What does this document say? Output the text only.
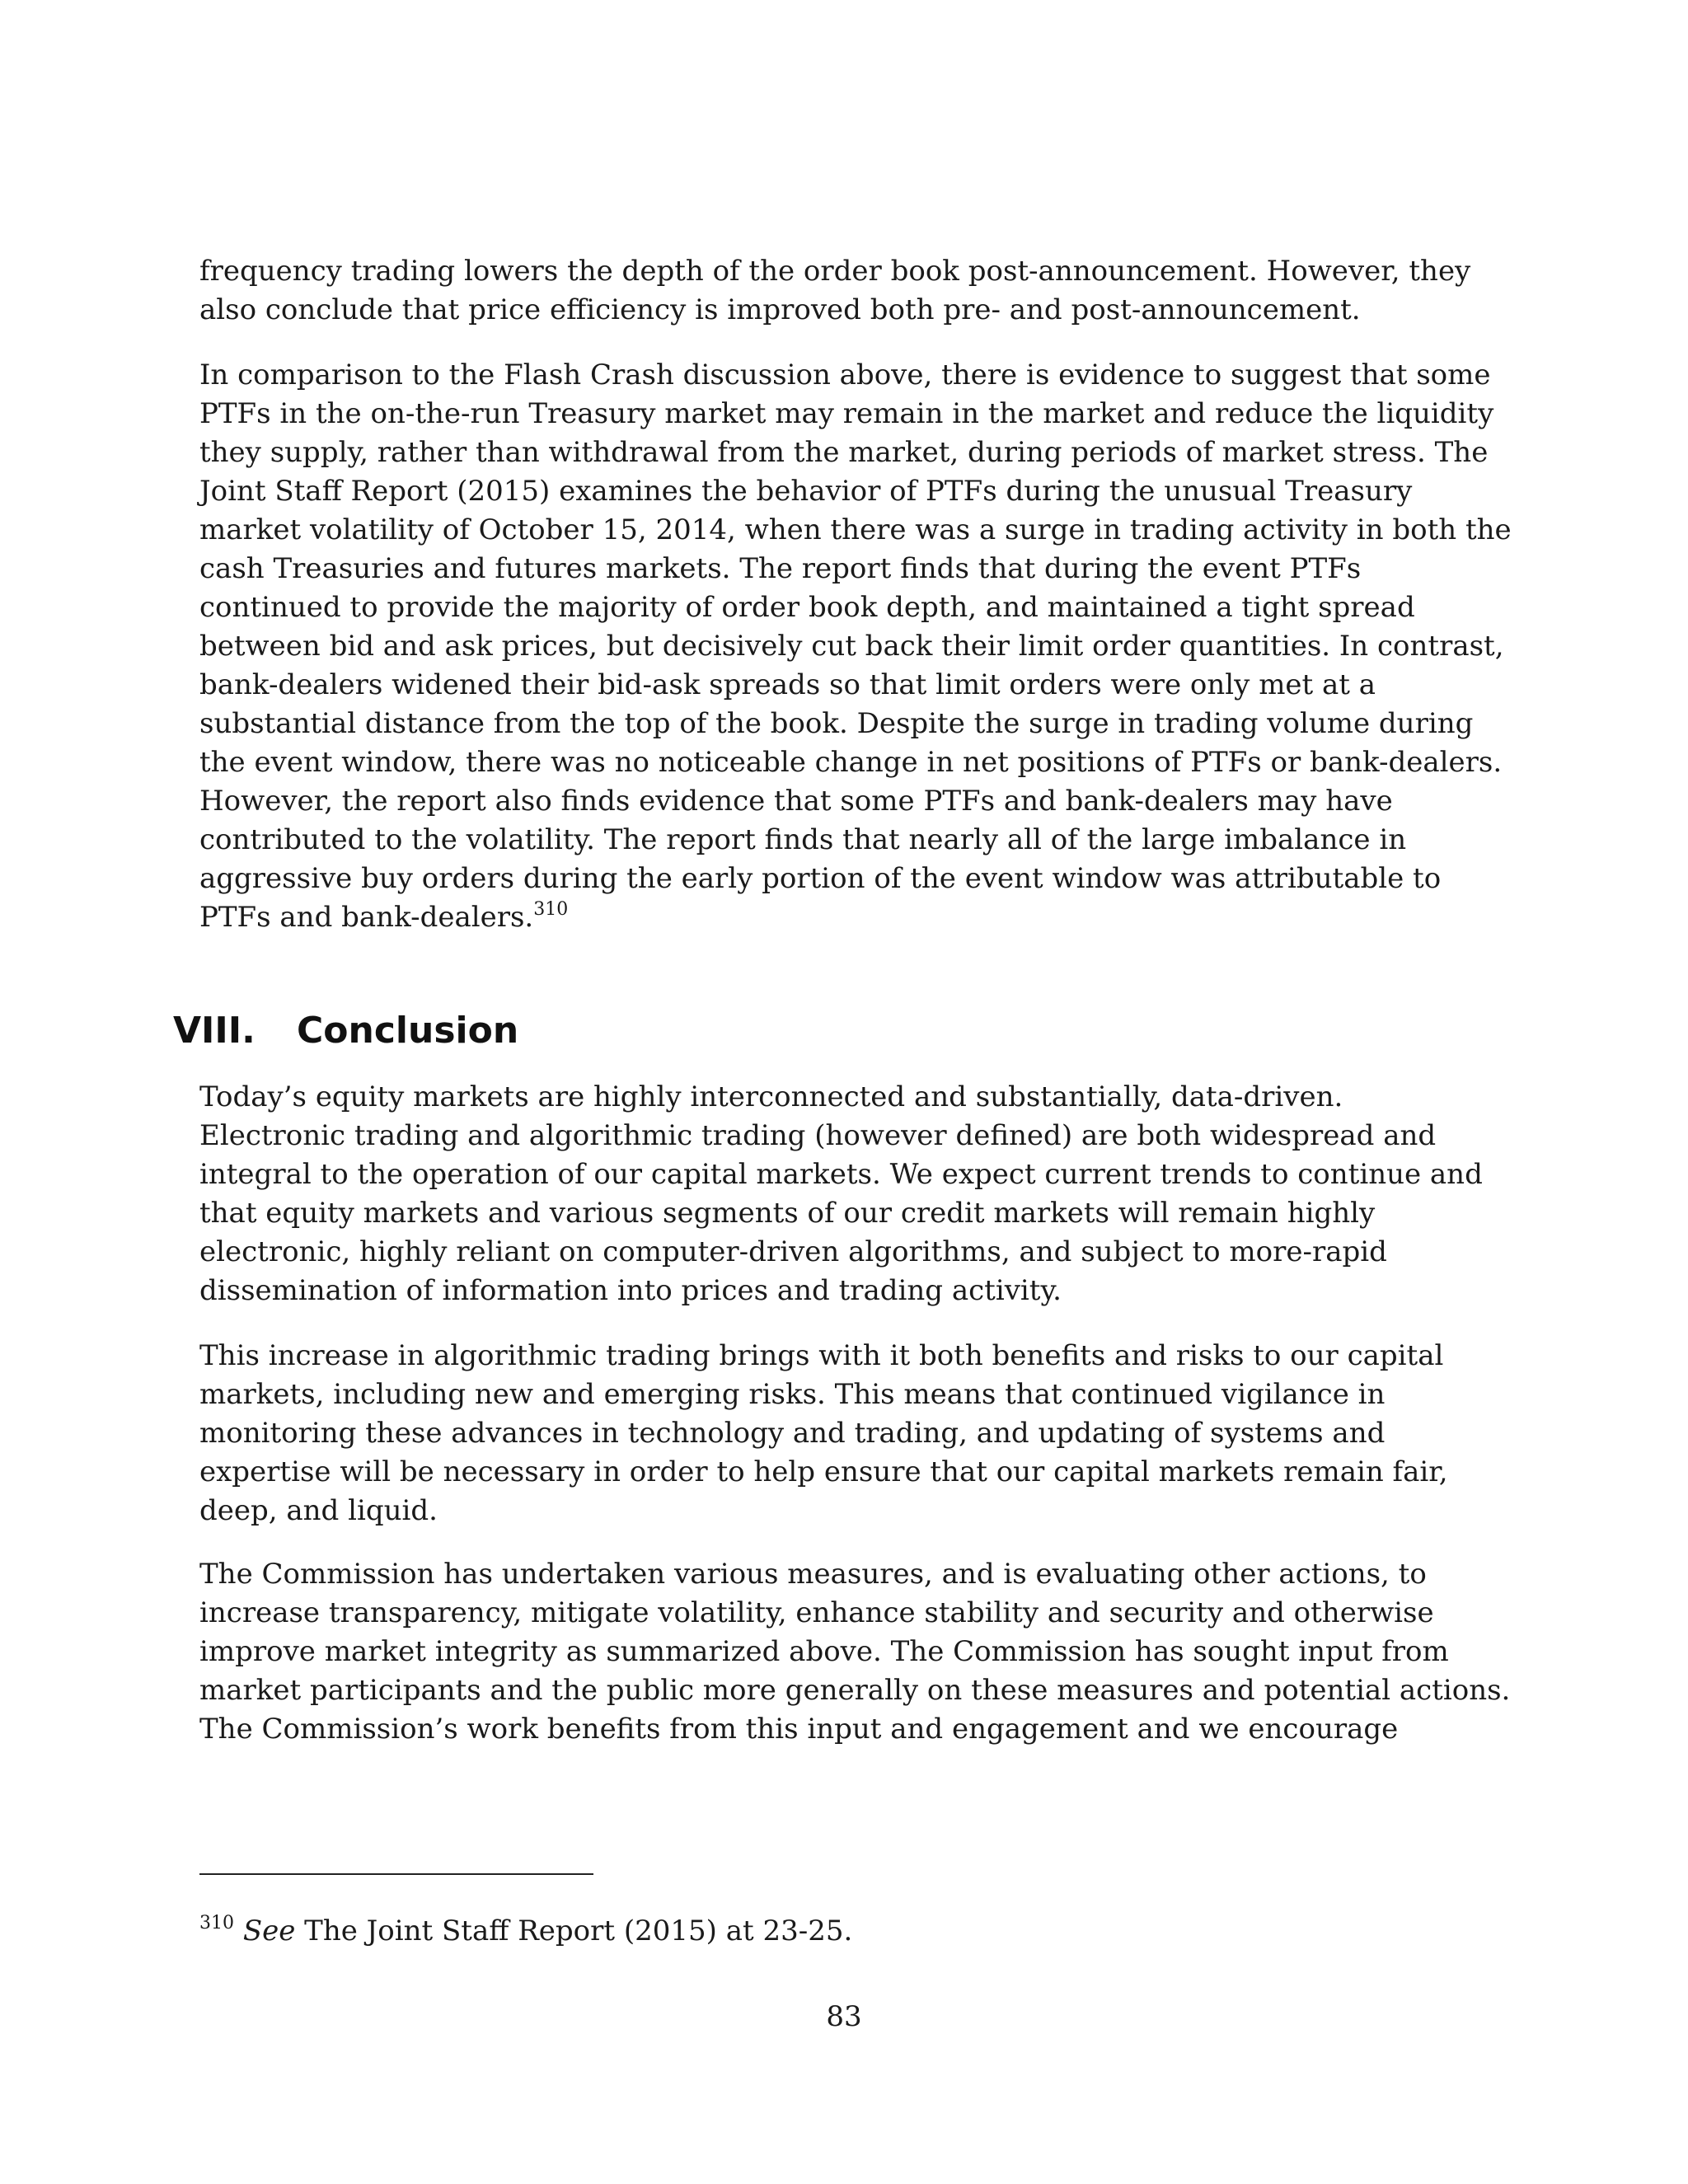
frequency trading lowers the depth of the order book post-announcement. However, they
also conclude that price efficiency is improved both pre- and post-announcement.
In comparison to the Flash Crash discussion above, there is evidence to suggest that some
PTFs in the on-the-run Treasury market may remain in the market and reduce the liquidity
they supply, rather than withdrawal from the market, during periods of market stress. The
Joint Staff Report (2015) examines the behavior of PTFs during the unusual Treasury
market volatility of October 15, 2014, when there was a surge in trading activity in both the
cash Treasuries and futures markets. The report finds that during the event PTFs
continued to provide the majority of order book depth, and maintained a tight spread
between bid and ask prices, but decisively cut back their limit order quantities. In contrast,
bank-dealers widened their bid-ask spreads so that limit orders were only met at a
substantial distance from the top of the book. Despite the surge in trading volume during
the event window, there was no noticeable change in net positions of PTFs or bank-dealers.
However, the report also finds evidence that some PTFs and bank-dealers may have
contributed to the volatility. The report finds that nearly all of the large imbalance in
aggressive buy orders during the early portion of the event window was attributable to
PTFs and bank-dealers.$^{310}$
VIII.	Conclusion
Today’s equity markets are highly interconnected and substantially, data-driven.
Electronic trading and algorithmic trading (however defined) are both widespread and
integral to the operation of our capital markets. We expect current trends to continue and
that equity markets and various segments of our credit markets will remain highly
electronic, highly reliant on computer-driven algorithms, and subject to more-rapid
dissemination of information into prices and trading activity.
This increase in algorithmic trading brings with it both benefits and risks to our capital
markets, including new and emerging risks. This means that continued vigilance in
monitoring these advances in technology and trading, and updating of systems and
expertise will be necessary in order to help ensure that our capital markets remain fair,
deep, and liquid.
The Commission has undertaken various measures, and is evaluating other actions, to
increase transparency, mitigate volatility, enhance stability and security and otherwise
improve market integrity as summarized above. The Commission has sought input from
market participants and the public more generally on these measures and potential actions.
The Commission’s work benefits from this input and engagement and we encourage
$^{310}$ See The Joint Staff Report (2015) at 23-25.
83
